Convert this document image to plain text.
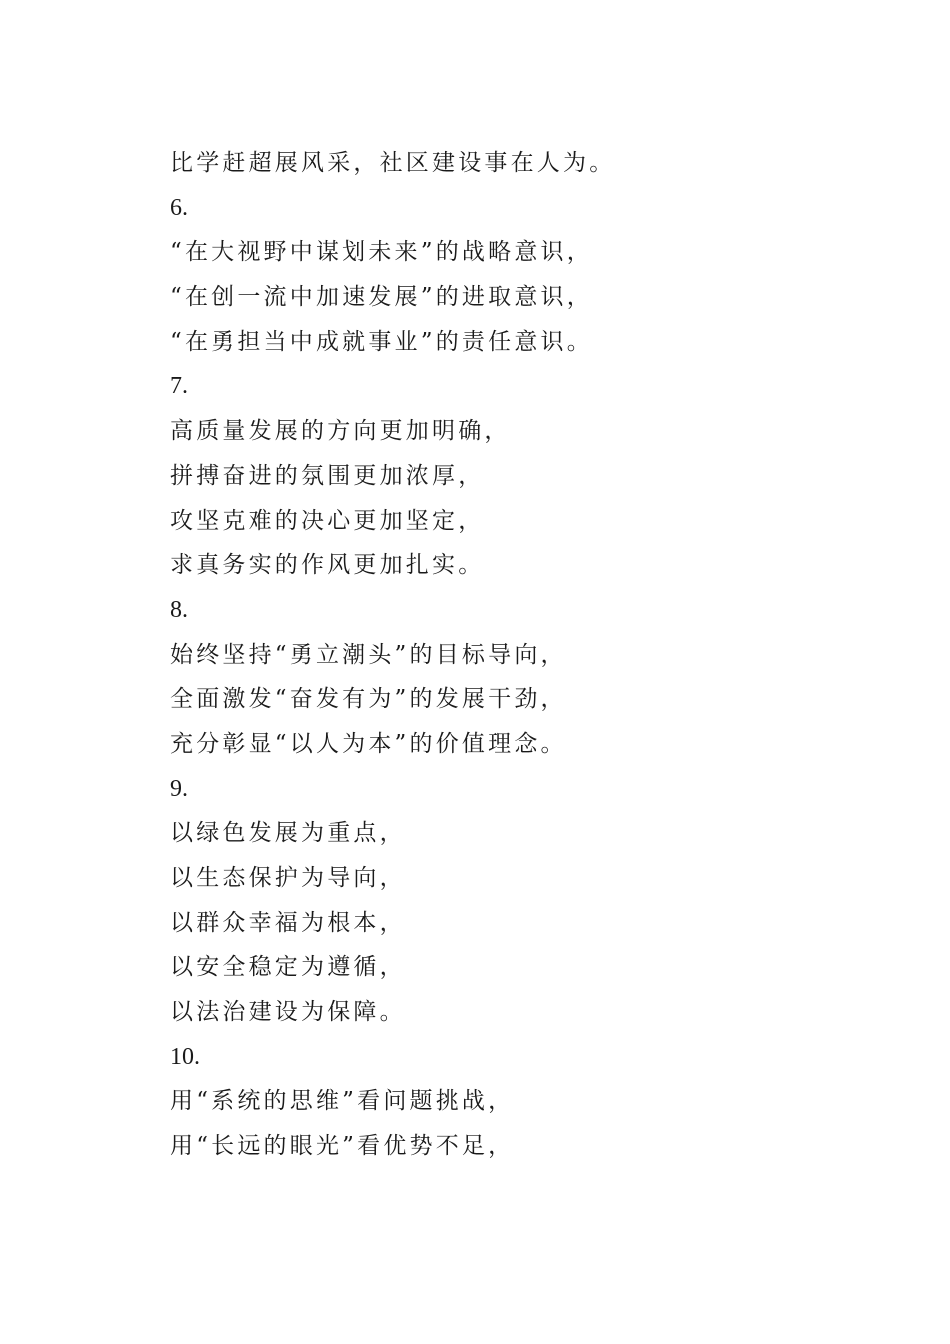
比学赶超展风采，社区建设事在人为。
6.
“在大视野中谋划未来”的战略意识，
“在创一流中加速发展”的进取意识，
“在勇担当中成就事业”的责任意识。
7.
高质量发展的方向更加明确，
拼搏奋进的氛围更加浓厚，
攻坚克难的决心更加坚定，
求真务实的作风更加扎实。
8.
始终坚持“勇立潮头”的目标导向，
全面激发“奋发有为”的发展干劲，
充分彰显“以人为本”的价值理念。
9.
以绿色发展为重点，
以生态保护为导向，
以群众幸福为根本，
以安全稳定为遵循，
以法治建设为保障。
10.
用“系统的思维”看问题挑战，
用“长远的眼光”看优势不足，
